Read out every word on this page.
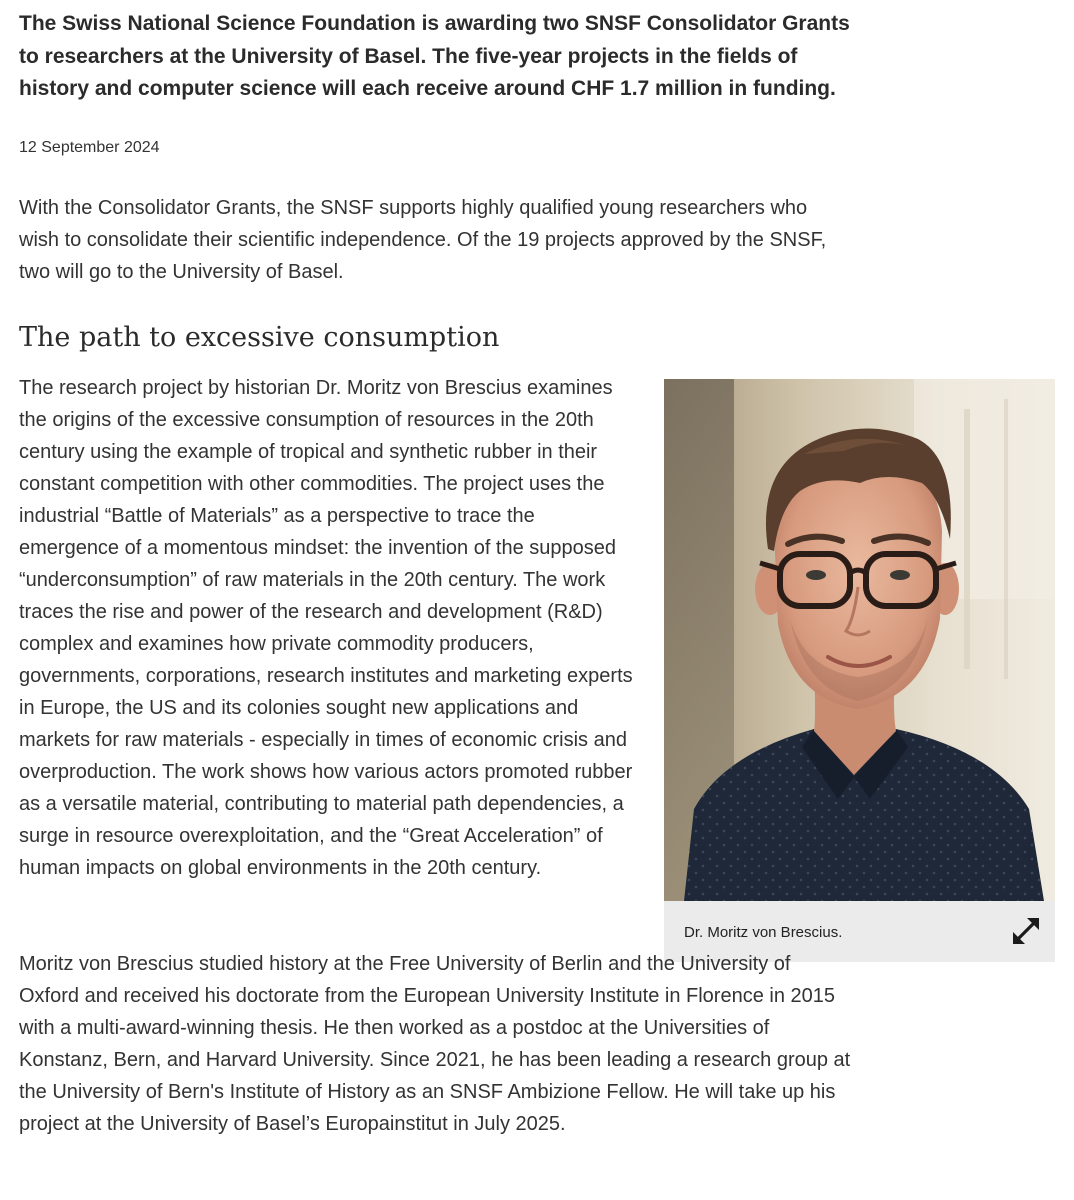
The Swiss National Science Foundation is awarding two SNSF Consolidator Grants to researchers at the University of Basel. The five-year projects in the fields of history and computer science will each receive around CHF 1.7 million in funding.

12 September 2024

With the Consolidator Grants, the SNSF supports highly qualified young researchers who wish to consolidate their scientific independence. Of the 19 projects approved by the SNSF, two will go to the University of Basel.

The path to excessive consumption

The research project by historian Dr. Moritz von Brescius examines the origins of the excessive consumption of resources in the 20th century using the example of tropical and synthetic rubber in their constant competition with other commodities. The project uses the industrial “Battle of Materials” as a perspective to trace the emergence of a momentous mindset: the invention of the supposed “underconsumption” of raw materials in the 20th century. The work traces the rise and power of the research and development (R&D) complex and examines how private commodity producers, governments, corporations, research institutes and marketing experts in Europe, the US and its colonies sought new applications and markets for raw materials - especially in times of economic crisis and overproduction. The work shows how various actors promoted rubber as a versatile material, contributing to material path dependencies, a surge in resource overexploitation, and the “Great Acceleration” of human impacts on global environments in the 20th century.

Dr. Moritz von Brescius.

Moritz von Brescius studied history at the Free University of Berlin and the University of Oxford and received his doctorate from the European University Institute in Florence in 2015 with a multi-award-winning thesis. He then worked as a postdoc at the Universities of Konstanz, Bern, and Harvard University. Since 2021, he has been leading a research group at the University of Bern's Institute of History as an SNSF Ambizione Fellow. He will take up his project at the University of Basel’s Europainstitut in July 2025.
